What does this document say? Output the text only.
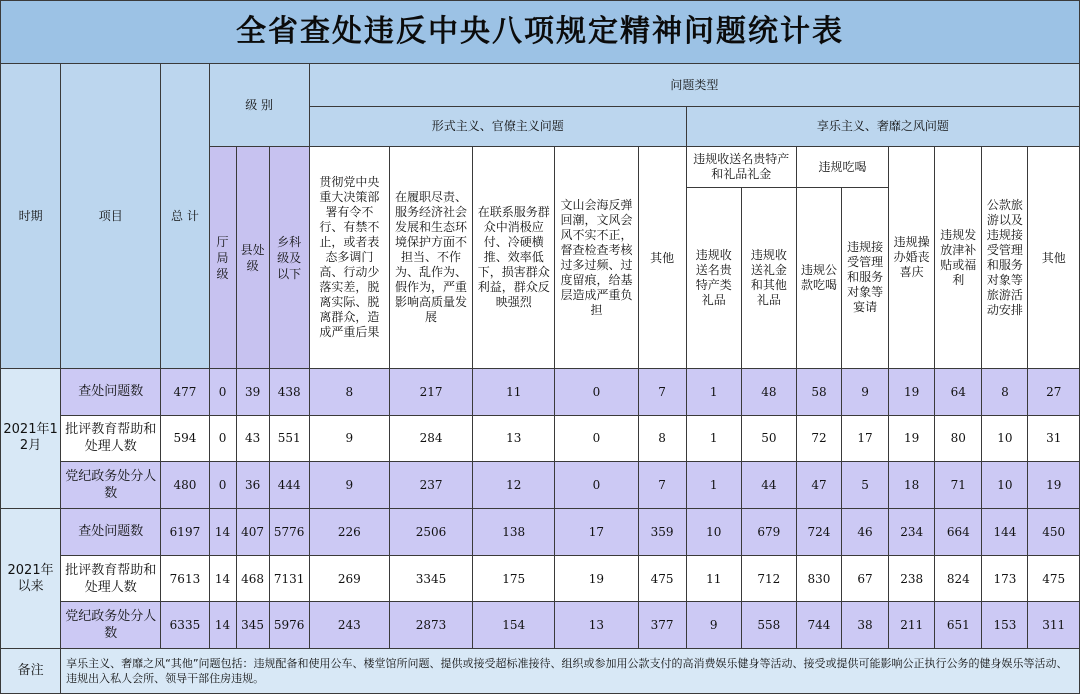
全省查处违反中央八项规定精神问题统计表																		
时期	项目	总 计	级 别			问题类型												
						形式主义、官僚主义问题					享乐主义、奢靡之风问题							
			厅局级	县处级	乡科级及以下	贯彻党中央重大决策部署有令不行、有禁不止，或者表态多调门高、行动少落实差，脱离实际、脱离群众，造成严重后果	在履职尽责、服务经济社会发展和生态环境保护方面不担当、不作为、乱作为、假作为，严重影响高质量发展	在联系服务群众中消极应付、冷硬横推、效率低下，损害群众利益，群众反映强烈	文山会海反弹回潮，文风会风不实不正，督查检查考核过多过频、过度留痕，给基层造成严重负担	其他	违规收送名贵特产和礼品礼金		违规吃喝		违规操办婚丧喜庆	违规发放津补贴或福利	公款旅游以及违规接受管理和服务对象等旅游活动安排	其他
											违规收送名贵特产类礼品	违规收送礼金和其他礼品	违规公款吃喝	违规接受管理和服务对象等宴请				
2021年12月	查处问题数	477	0	39	438	8	217	11	0	7	1	48	58	9	19	64	8	27
	批评教育帮助和处理人数	594	0	43	551	9	284	13	0	8	1	50	72	17	19	80	10	31
	党纪政务处分人数	480	0	36	444	9	237	12	0	7	1	44	47	5	18	71	10	19
2021年以来	查处问题数	6197	14	407	5776	226	2506	138	17	359	10	679	724	46	234	664	144	450
	批评教育帮助和处理人数	7613	14	468	7131	269	3345	175	19	475	11	712	830	67	238	824	173	475
	党纪政务处分人数	6335	14	345	5976	243	2873	154	13	377	9	558	744	38	211	651	153	311
备注	享乐主义、奢靡之风“其他”问题包括：违规配备和使用公车、楼堂馆所问题、提供或接受超标准接待、组织或参加用公款支付的高消费娱乐健身等活动、接受或提供可能影响公正执行公务的健身娱乐等活动、违规出入私人会所、领导干部住房违规。																	
